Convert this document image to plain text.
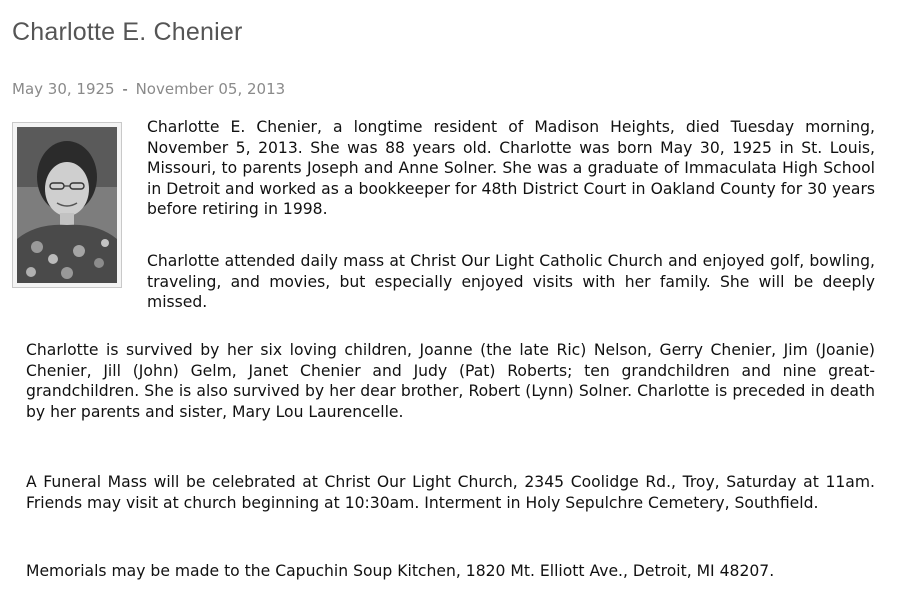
Charlotte E. Chenier
May 30, 1925 - November 05, 2013

Charlotte E. Chenier, a longtime resident of Madison Heights, died Tuesday morning, November 5, 2013. She was 88 years old. Charlotte was born May 30, 1925 in St. Louis, Missouri, to parents Joseph and Anne Solner. She was a graduate of Immaculata High School in Detroit and worked as a bookkeeper for 48th District Court in Oakland County for 30 years before retiring in 1998.

Charlotte attended daily mass at Christ Our Light Catholic Church and enjoyed golf, bowling, traveling, and movies, but especially enjoyed visits with her family. She will be deeply missed.

Charlotte is survived by her six loving children, Joanne (the late Ric) Nelson, Gerry Chenier, Jim (Joanie) Chenier, Jill (John) Gelm, Janet Chenier and Judy (Pat) Roberts; ten grandchildren and nine great-grandchildren. She is also survived by her dear brother, Robert (Lynn) Solner. Charlotte is preceded in death by her parents and sister, Mary Lou Laurencelle.

A Funeral Mass will be celebrated at Christ Our Light Church, 2345 Coolidge Rd., Troy, Saturday at 11am. Friends may visit at church beginning at 10:30am. Interment in Holy Sepulchre Cemetery, Southfield.

Memorials may be made to the Capuchin Soup Kitchen, 1820 Mt. Elliott Ave., Detroit, MI 48207.
